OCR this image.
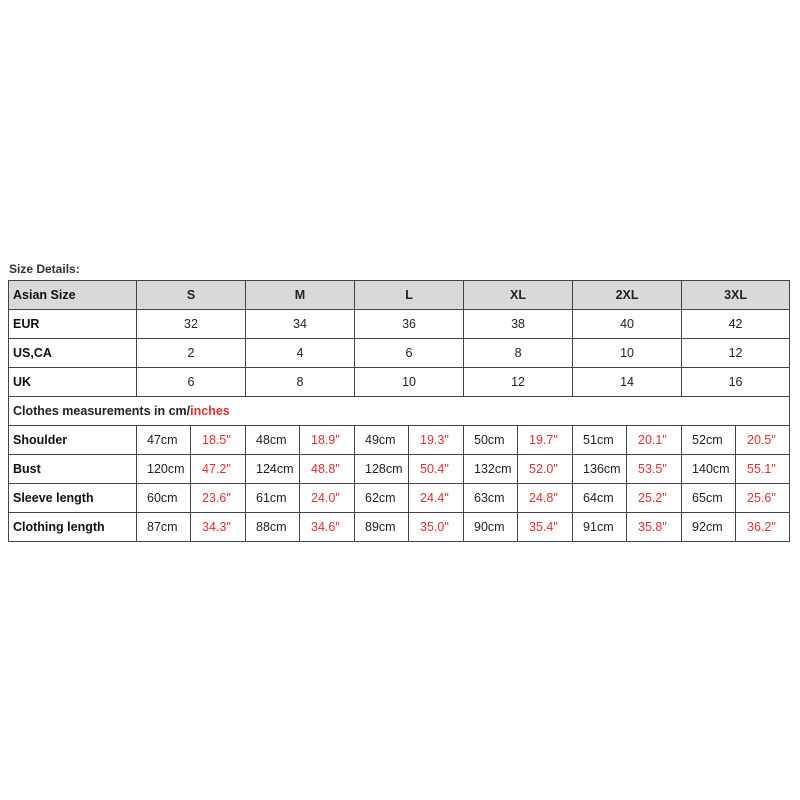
Size Details:
Asian Size	S		M		L		XL		2XL		3XL	
EUR	32		34		36		38		40		42	
US,CA	2		4		6		8		10		12	
UK	6		8		10		12		14		16	
Clothes measurements in cm/inches												
Shoulder	47cm	18.5"	48cm	18.9"	49cm	19.3"	50cm	19.7"	51cm	20.1"	52cm	20.5"
Bust	120cm	47.2"	124cm	48.8"	128cm	50.4"	132cm	52.0"	136cm	53.5"	140cm	55.1"
Sleeve length	60cm	23.6"	61cm	24.0"	62cm	24.4"	63cm	24.8"	64cm	25.2"	65cm	25.6"
Clothing length	87cm	34.3"	88cm	34.6"	89cm	35.0"	90cm	35.4"	91cm	35.8"	92cm	36.2"
